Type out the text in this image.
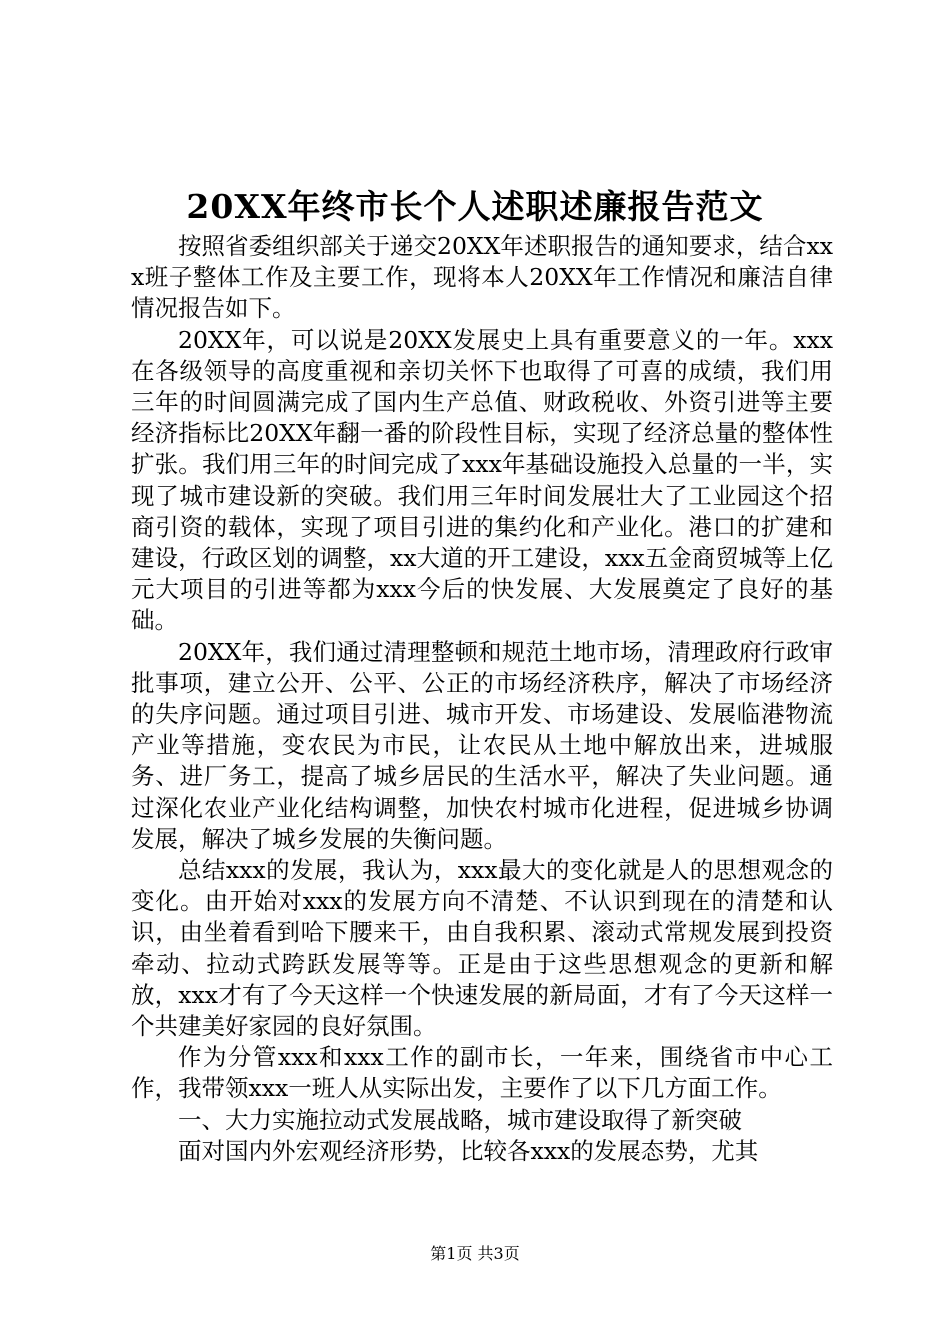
20XX年终市长个人述职述廉报告范文

按照省委组织部关于递交20XX年述职报告的通知要求，结合xxx班子整体工作及主要工作，现将本人20XX年工作情况和廉洁自律情况报告如下。

20XX年，可以说是20XX发展史上具有重要意义的一年。xxx在各级领导的高度重视和亲切关怀下也取得了可喜的成绩，我们用三年的时间圆满完成了国内生产总值、财政税收、外资引进等主要经济指标比20XX年翻一番的阶段性目标，实现了经济总量的整体性扩张。我们用三年的时间完成了xxx年基础设施投入总量的一半，实现了城市建设新的突破。我们用三年时间发展壮大了工业园这个招商引资的载体，实现了项目引进的集约化和产业化。港口的扩建和建设，行政区划的调整，xx大道的开工建设，xxx五金商贸城等上亿元大项目的引进等都为xxx今后的快发展、大发展奠定了良好的基础。

20XX年，我们通过清理整顿和规范土地市场，清理政府行政审批事项，建立公开、公平、公正的市场经济秩序，解决了市场经济的失序问题。通过项目引进、城市开发、市场建设、发展临港物流产业等措施，变农民为市民，让农民从土地中解放出来，进城服务、进厂务工，提高了城乡居民的生活水平，解决了失业问题。通过深化农业产业化结构调整，加快农村城市化进程，促进城乡协调发展，解决了城乡发展的失衡问题。

总结xxx的发展，我认为，xxx最大的变化就是人的思想观念的变化。由开始对xxx的发展方向不清楚、不认识到现在的清楚和认识，由坐着看到哈下腰来干，由自我积累、滚动式常规发展到投资牵动、拉动式跨跃发展等等。正是由于这些思想观念的更新和解放，xxx才有了今天这样一个快速发展的新局面，才有了今天这样一个共建美好家园的良好氛围。

作为分管xxx和xxx工作的副市长，一年来，围绕省市中心工作，我带领xxx一班人从实际出发，主要作了以下几方面工作。

一、大力实施拉动式发展战略，城市建设取得了新突破

面对国内外宏观经济形势，比较各xxx的发展态势，尤其

第1页 共3页
